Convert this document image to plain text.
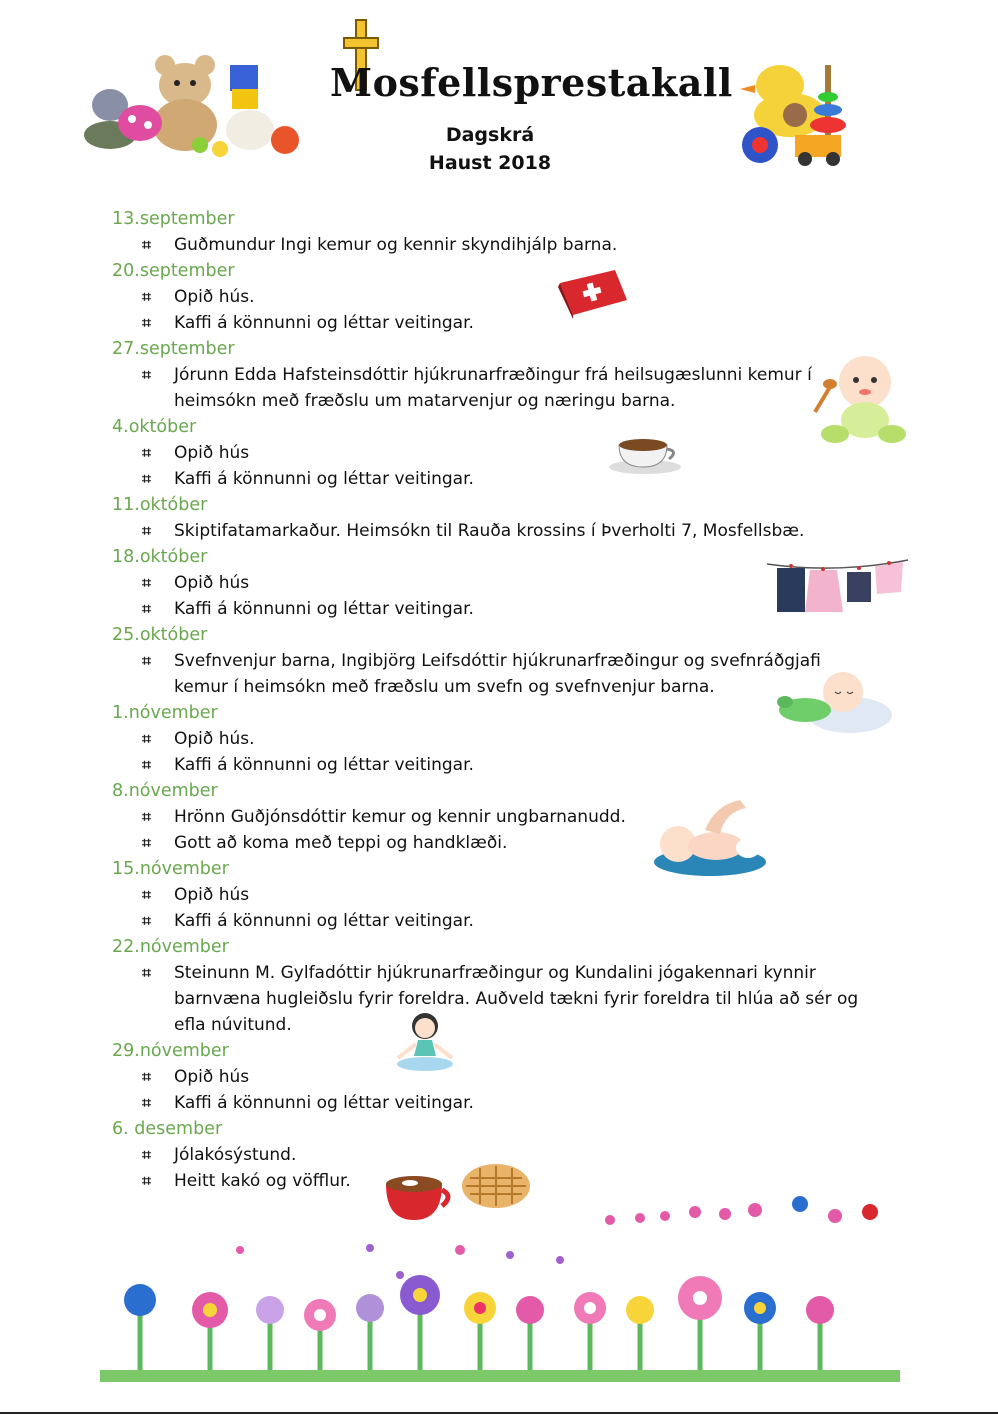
Mosfellsprestakall
Dagskrá
Haust 2018
13.september
⌗ Guðmundur Ingi kemur og kennir skyndihjálp barna.
20.september
⌗ Opið hús.
⌗ Kaffi á könnunni og léttar veitingar.
27.september
⌗ Jórunn Edda Hafsteinsdóttir hjúkrunarfræðingur frá heilsugæslunni kemur í heimsókn með fræðslu um matarvenjur og næringu barna.
4.október
⌗ Opið hús
⌗ Kaffi á könnunni og léttar veitingar.
11.október
⌗ Skiptifatamarkaður. Heimsókn til Rauða krossins í Þverholti 7, Mosfellsbæ.
18.október
⌗ Opið hús
⌗ Kaffi á könnunni og léttar veitingar.
25.október
⌗ Svefnvenjur barna, Ingibjörg Leifsdóttir hjúkrunarfræðingur og svefnráðgjafi kemur í heimsókn með fræðslu um svefn og svefnvenjur barna.
1.nóvember
⌗ Opið hús.
⌗ Kaffi á könnunni og léttar veitingar.
8.nóvember
⌗ Hrönn Guðjónsdóttir kemur og kennir ungbarnanudd.
⌗ Gott að koma með teppi og handklæði.
15.nóvember
⌗ Opið hús
⌗ Kaffi á könnunni og léttar veitingar.
22.nóvember
⌗ Steinunn M. Gylfadóttir hjúkrunarfræðingur og Kundalini jógakennari kynnir barnvæna hugleiðslu fyrir foreldra. Auðveld tækni fyrir foreldra til hlúa að sér og efla núvitund.
29.nóvember
⌗ Opið hús
⌗ Kaffi á könnunni og léttar veitingar.
6. desember
⌗ Jólakósýstund.
⌗ Heitt kakó og vöfflur.
